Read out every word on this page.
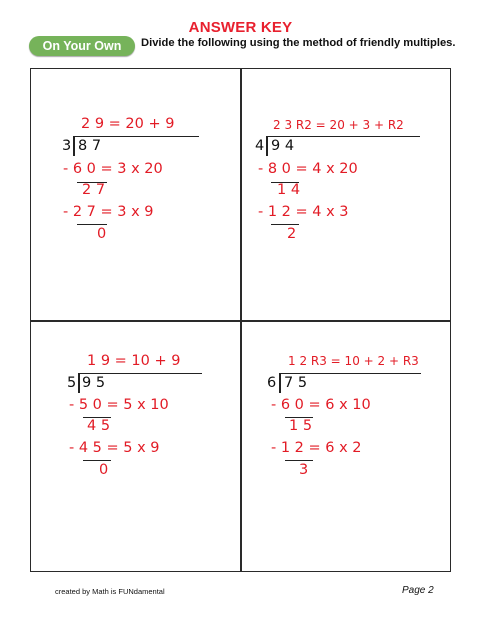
ANSWER KEY
On Your Own	Divide the following using the method of friendly multiples.
2 9 = 20 + 9
3 8 7
- 6 0 = 3 x 20
2 7
- 2 7 = 3 x 9
0
2 3 R2 = 20 + 3 + R2
4 9 4
- 8 0 = 4 x 20
1 4
- 1 2 = 4 x 3
2
1 9 = 10 + 9
5 9 5
- 5 0 = 5 x 10
4 5
- 4 5 = 5 x 9
0
1 2 R3 = 10 + 2 + R3
6 7 5
- 6 0 = 6 x 10
1 5
- 1 2 = 6 x 2
3
created by Math is FUNdamental	Page 2
